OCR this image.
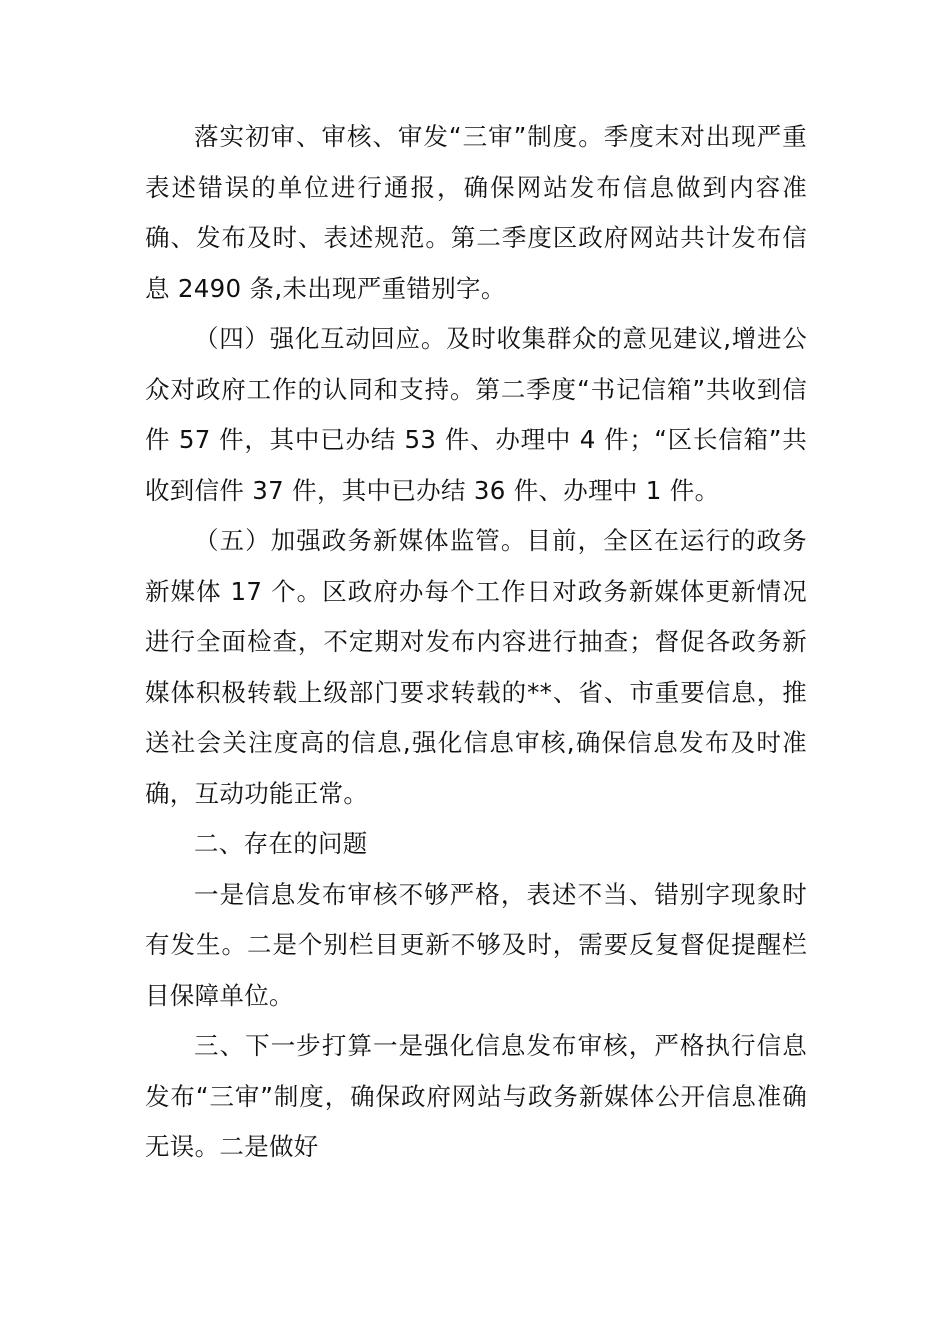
落实初审、审核、审发“三审”制度。季度末对出现严重表述错误的单位进行通报，确保网站发布信息做到内容准确、发布及时、表述规范。第二季度区政府网站共计发布信息 2490 条,未出现严重错别字。

（四）强化互动回应。及时收集群众的意见建议,增进公众对政府工作的认同和支持。第二季度“书记信箱”共收到信件 57 件，其中已办结 53 件、办理中 4 件；“区长信箱”共收到信件 37 件，其中已办结 36 件、办理中 1 件。

（五）加强政务新媒体监管。目前，全区在运行的政务新媒体 17 个。区政府办每个工作日对政务新媒体更新情况进行全面检查，不定期对发布内容进行抽查；督促各政务新媒体积极转载上级部门要求转载的**、省、市重要信息，推送社会关注度高的信息,强化信息审核,确保信息发布及时准确，互动功能正常。

二、存在的问题

一是信息发布审核不够严格，表述不当、错别字现象时有发生。二是个别栏目更新不够及时，需要反复督促提醒栏目保障单位。

三、下一步打算一是强化信息发布审核，严格执行信息发布“三审”制度，确保政府网站与政务新媒体公开信息准确无误。二是做好
